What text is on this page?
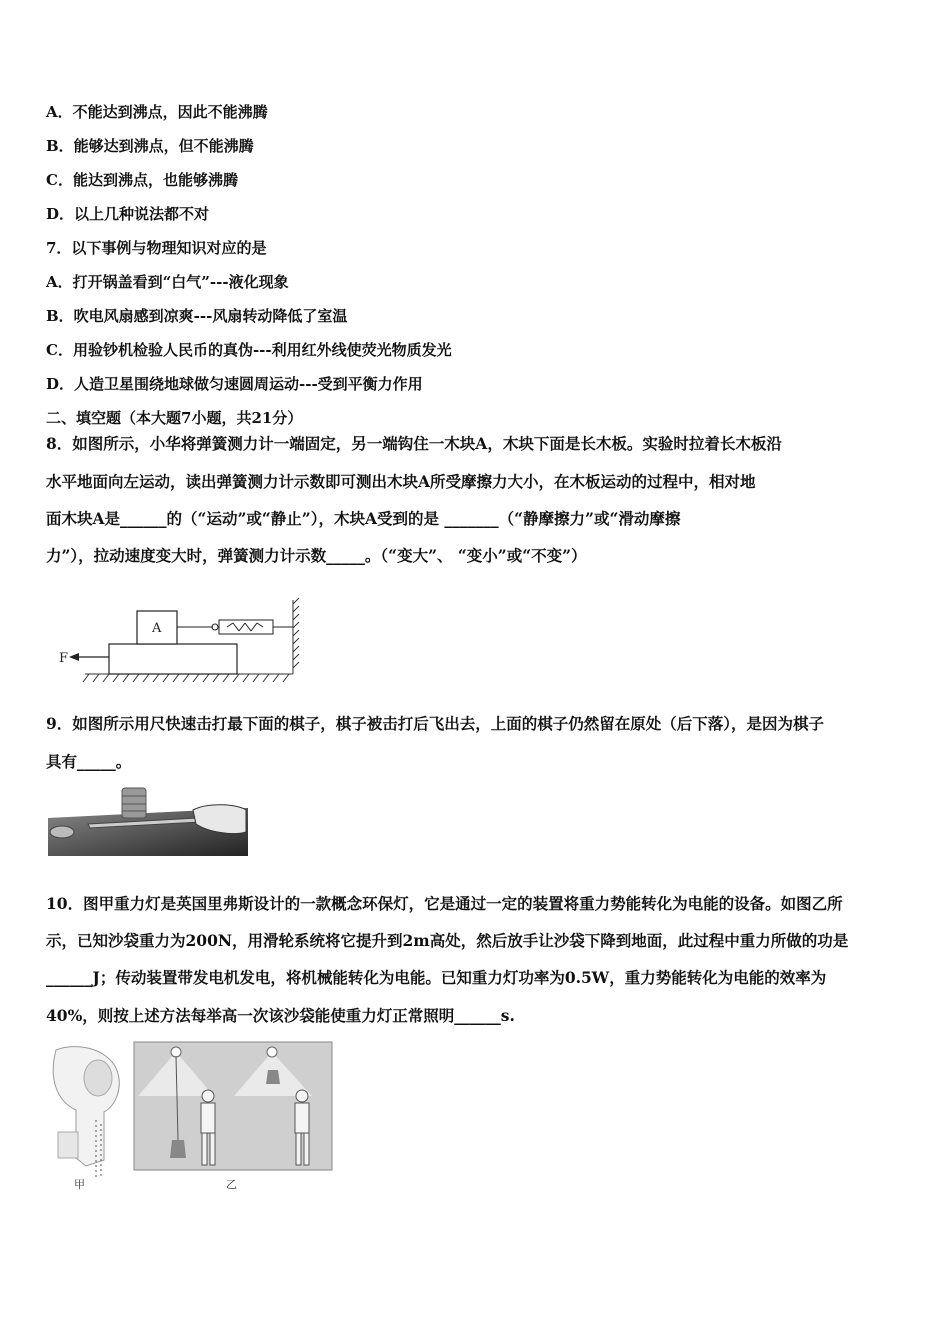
A．不能达到沸点，因此不能沸腾
B．能够达到沸点，但不能沸腾
C．能达到沸点，也能够沸腾
D．以上几种说法都不对
7．以下事例与物理知识对应的是
A．打开锅盖看到“白气”---液化现象
B．吹电风扇感到凉爽---风扇转动降低了室温
C．用验钞机检验人民币的真伪---利用红外线使荧光物质发光
D．人造卫星围绕地球做匀速圆周运动---受到平衡力作用
二、填空题（本大题7小题，共21分）
8．如图所示，小华将弹簧测力计一端固定，另一端钩住一木块A，木块下面是长木板。实验时拉着长木板沿
水平地面向左运动，读出弹簧测力计示数即可测出木块A所受摩擦力大小，在木板运动的过程中，相对地
面木块A是______的（“运动”或“静止”），木块A受到的是 _______（“静摩擦力”或“滑动摩擦
力”），拉动速度变大时，弹簧测力计示数_____。（“变大”、 “变小”或“不变”）
A
F
9．如图所示用尺快速击打最下面的棋子，棋子被击打后飞出去，上面的棋子仍然留在原处（后下落），是因为棋子
具有_____。
10．图甲重力灯是英国里弗斯设计的一款概念环保灯，它是通过一定的装置将重力势能转化为电能的设备。如图乙所
示，已知沙袋重力为200N，用滑轮系统将它提升到2m高处，然后放手让沙袋下降到地面，此过程中重力所做的功是
______J；传动装置带发电机发电，将机械能转化为电能。已知重力灯功率为0.5W，重力势能转化为电能的效率为
40%，则按上述方法每举高一次该沙袋能使重力灯正常照明______s.
甲	乙
